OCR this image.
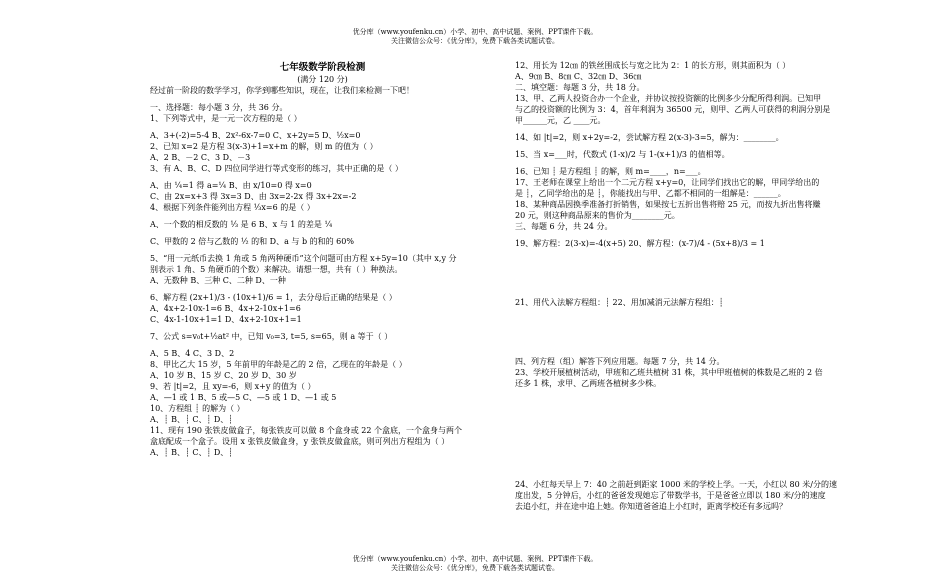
优分库（www.youfenku.cn）小学、初中、高中试题、案例、PPT课件下载。
关注微信公众号：《优分库》，免费下载各类试题试卷。

七年级数学阶段检测

(满分 120 分)

经过前一阶段的数学学习，你学到哪些知识，现在，让我们来检测一下吧！

一、选择题：每小题 3 分，共 36 分。

1、下列等式中，是一元一次方程的是（ ）

A、3+(-2)=5-4 B、2x²-6x-7=0 C、x+2y=5 D、½x=0

2、已知 x=2 是方程 3(x-3)+1=x+m 的解，则 m 的值为（ ）

A、2 B、－2 C、3 D、－3

3、有 A、B、C、D 四位同学进行等式变形的练习，其中正确的是（ ）

A、由 ¼=1 得 a=¼ B、由 x/10=0 得 x=0

C、由 2x=x+3 得 3x=3 D、由 3x=2-2x 得 3x+2x=-2

4、根据下列条件能列出方程 ⅓x=6 的是（ ）

A、一个数的相反数的 ⅓ 是 6 B、x 与 1 的差是 ¼

C、甲数的 2 倍与乙数的 ½ 的和 D、a 与 b 的和的 60%

5、“用一元纸币去换 1 角或 5 角两种硬币”这个问题可由方程 x+5y=10（其中 x,y 分

别表示 1 角、5 角硬币的个数）来解决。请想一想，共有（ ）种换法。

A、无数种 B、三种 C、二种 D、一种

6、解方程 (2x+1)/3 - (10x+1)/6 = 1，去分母后正确的结果是（ ）

A、4x+2-10x-1=6 B、4x+2-10x+1=6

C、4x-1-10x+1=1 D、4x+2-10x+1=1

7、公式 s=v₀t+½at² 中，已知 v₀=3, t=5, s=65，则 a 等于（ ）

A、5 B、4 C、3 D、2

8、甲比乙大 15 岁，5 年前甲的年龄是乙的 2 倍，乙现在的年龄是（ ）

A、10 岁 B、15 岁 C、20 岁 D、30 岁

9、若 |t|=2，且 xy=-6，则 x+y 的值为（ ）

A、—1 或 1 B、5 或—5 C、—5 或 1 D、—1 或 5

10、方程组 ┊ 的解为（ ）

A、┊ B、┊ C、┊ D、┊

11、现有 190 张铁皮做盒子，每张铁皮可以做 8 个盒身或 22 个盒底，一个盒身与两个

盒底配成一个盒子。设用 x 张铁皮做盒身，y 张铁皮做盒底，则可列出方程组为（ ）

A、┊ B、┊ C、┊ D、┊

12、用长为 12㎝ 的铁丝围成长与宽之比为 2：1 的长方形，则其面积为（ ）

A、9㎝ B、8㎝ C、32㎝ D、36㎝

二、填空题：每题 3 分，共 18 分。

13、甲、乙两人投资合办一个企业，并协议按投资额的比例多少分配所得利润。已知甲

与乙的投资额的比例为 3：4，首年利润为 36500 元，则甲、乙两人可获得的利润分别是

甲______元，乙 ____元。

14、如 |t|=2，则 x+2y=-2，尝试解方程 2(x-3)-3=5，解为：________。

15、当 x=___时，代数式 (1-x)/2 与 1-(x+1)/3 的值相等。

16、已知 ┊ 是方程组 ┊ 的解，则 m=____，n=___。

17、王老师在课堂上给出一个二元方程 x+y=0，让同学们找出它的解，甲同学给出的

是 ┊，乙同学给出的是 ┊，你能找出与甲、乙都不相同的一组解是：______。

18、某种商品因换季准备打折销售，如果按七五折出售将赔 25 元，而按九折出售将赚

20 元，则这种商品原来的售价为________元。

三、每题 6 分，共 24 分。

19、解方程：2(3-x)=-4(x+5) 20、解方程：(x-7)/4 - (5x+8)/3 = 1

21、用代入法解方程组：┊ 22、用加减消元法解方程组：┊

四、列方程（组）解答下列应用题。每题 7 分，共 14 分。

23、学校开展植树活动，甲班和乙班共植树 31 株，其中甲班植树的株数是乙班的 2 倍

还多 1 株，求甲、乙两班各植树多少株。

24、小红每天早上 7：40 之前赶到距家 1000 米的学校上学。一天，小红以 80 米/分的速

度出发，5 分钟后，小红的爸爸发现她忘了带数学书，于是爸爸立即以 180 米/分的速度

去追小红，并在途中追上她。你知道爸爸追上小红时，距离学校还有多远吗？

优分库（www.youfenku.cn）小学、初中、高中试题、案例、PPT课件下载。
关注微信公众号：《优分库》，免费下载各类试题试卷。
